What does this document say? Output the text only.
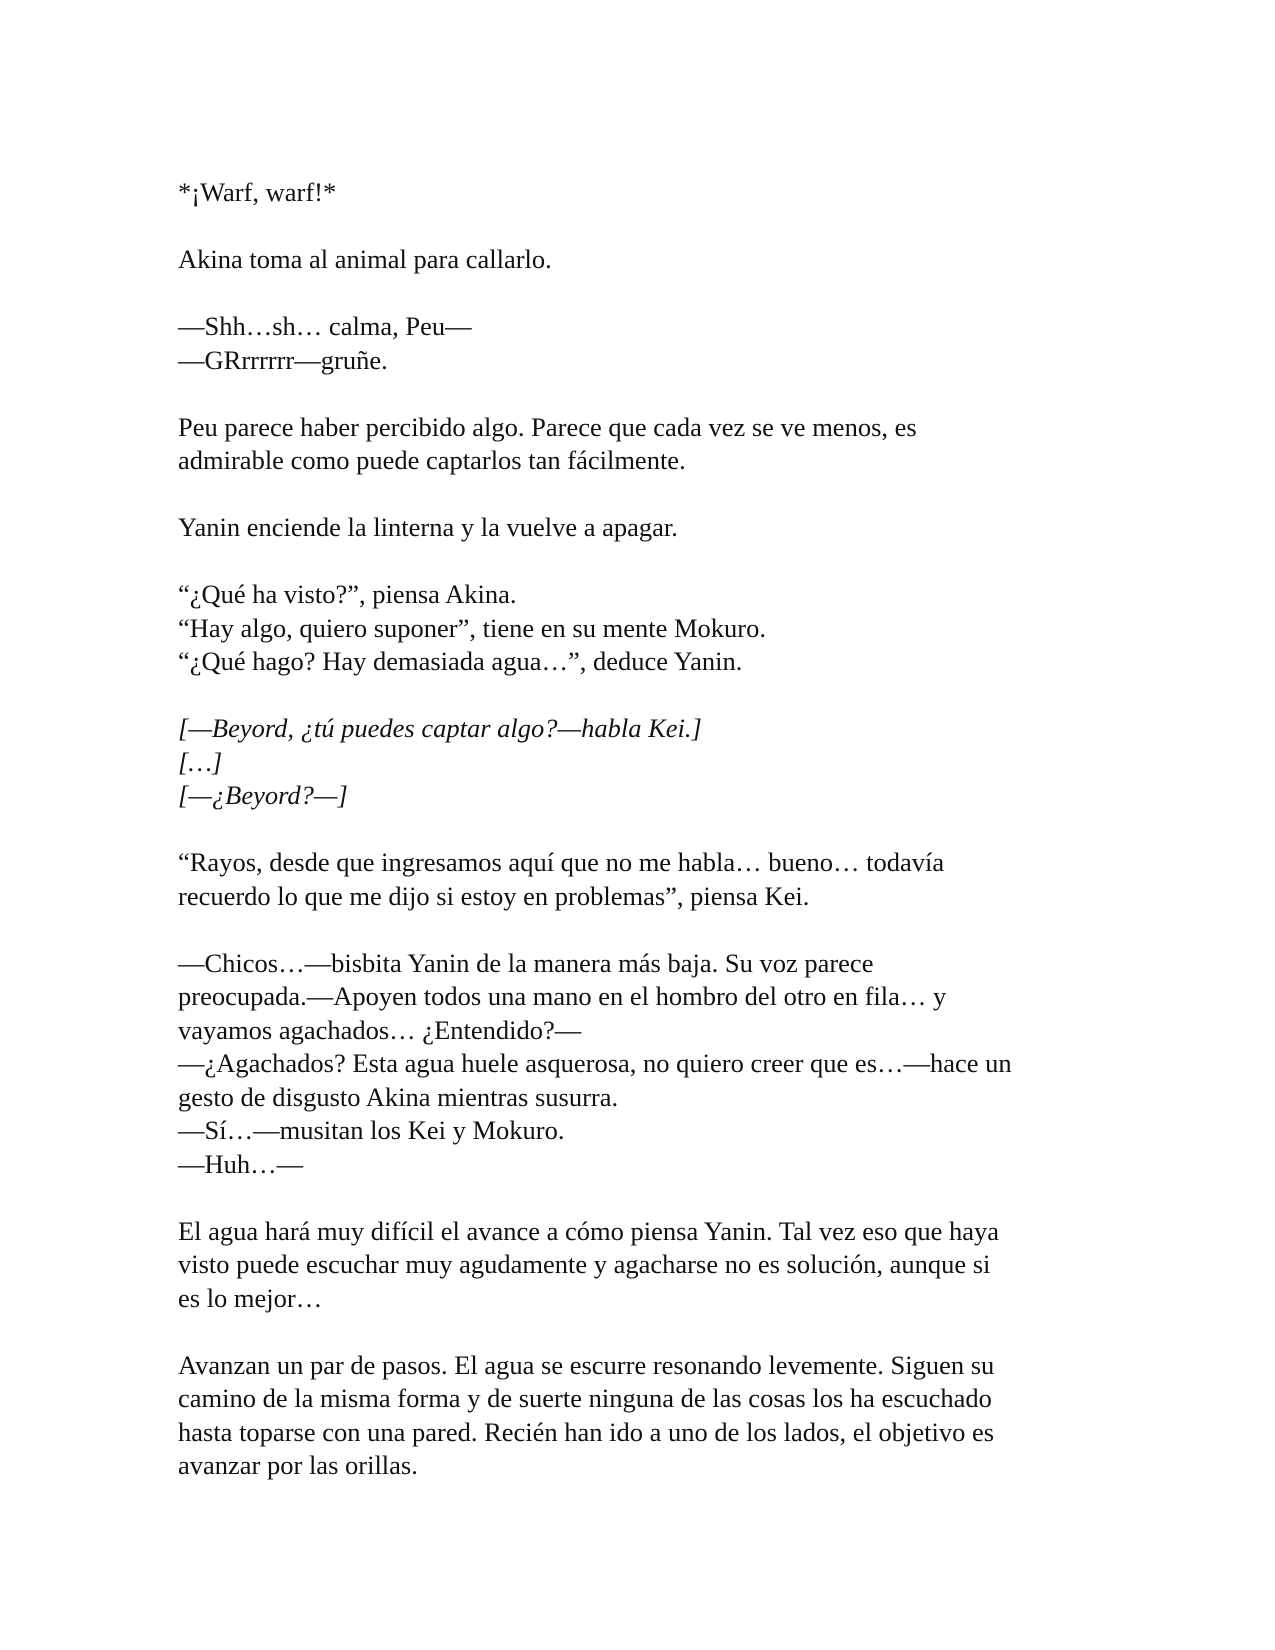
*¡Warf, warf!*

Akina toma al animal para callarlo.

—Shh…sh… calma, Peu—
—GRrrrrrr—gruñe.

Peu parece haber percibido algo. Parece que cada vez se ve menos, es
admirable como puede captarlos tan fácilmente.

Yanin enciende la linterna y la vuelve a apagar.

“¿Qué ha visto?”, piensa Akina.
“Hay algo, quiero suponer”, tiene en su mente Mokuro.
“¿Qué hago? Hay demasiada agua…”, deduce Yanin.

[—Beyord, ¿tú puedes captar algo?—habla Kei.]
[…]
[—¿Beyord?—]

“Rayos, desde que ingresamos aquí que no me habla… bueno… todavía
recuerdo lo que me dijo si estoy en problemas”, piensa Kei.

—Chicos…—bisbita Yanin de la manera más baja. Su voz parece
preocupada.—Apoyen todos una mano en el hombro del otro en fila… y
vayamos agachados… ¿Entendido?—
—¿Agachados? Esta agua huele asquerosa, no quiero creer que es…—hace un
gesto de disgusto Akina mientras susurra.
—Sí…—musitan los Kei y Mokuro.
—Huh…—

El agua hará muy difícil el avance a cómo piensa Yanin. Tal vez eso que haya
visto puede escuchar muy agudamente y agacharse no es solución, aunque si
es lo mejor…

Avanzan un par de pasos. El agua se escurre resonando levemente. Siguen su
camino de la misma forma y de suerte ninguna de las cosas los ha escuchado
hasta toparse con una pared. Recién han ido a uno de los lados, el objetivo es
avanzar por las orillas.
